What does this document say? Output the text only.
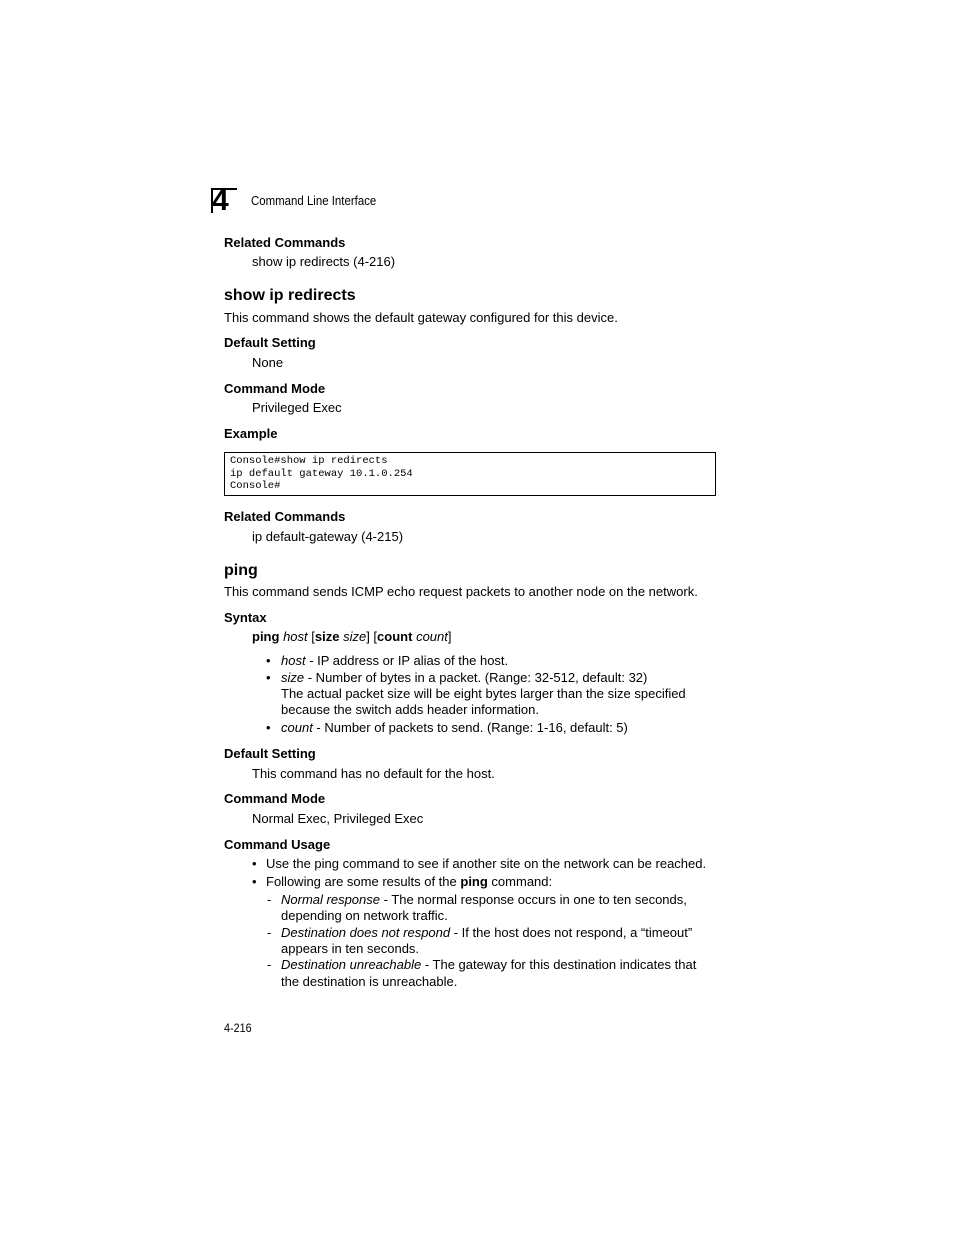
4	Command Line Interface
Related Commands
show ip redirects (4-216)
show ip redirects
This command shows the default gateway configured for this device.
Default Setting
None
Command Mode
Privileged Exec
Example
Console#show ip redirects
ip default gateway 10.1.0.254
Console#
Related Commands
ip default-gateway (4-215)
ping
This command sends ICMP echo request packets to another node on the network.
Syntax
ping host [size size] [count count]
• host - IP address or IP alias of the host.
• size - Number of bytes in a packet. (Range: 32-512, default: 32)
The actual packet size will be eight bytes larger than the size specified
because the switch adds header information.
• count - Number of packets to send. (Range: 1-16, default: 5)
Default Setting
This command has no default for the host.
Command Mode
Normal Exec, Privileged Exec
Command Usage
• Use the ping command to see if another site on the network can be reached.
• Following are some results of the ping command:
- Normal response - The normal response occurs in one to ten seconds,
depending on network traffic.
- Destination does not respond - If the host does not respond, a “timeout”
appears in ten seconds.
- Destination unreachable - The gateway for this destination indicates that
the destination is unreachable.
4-216
